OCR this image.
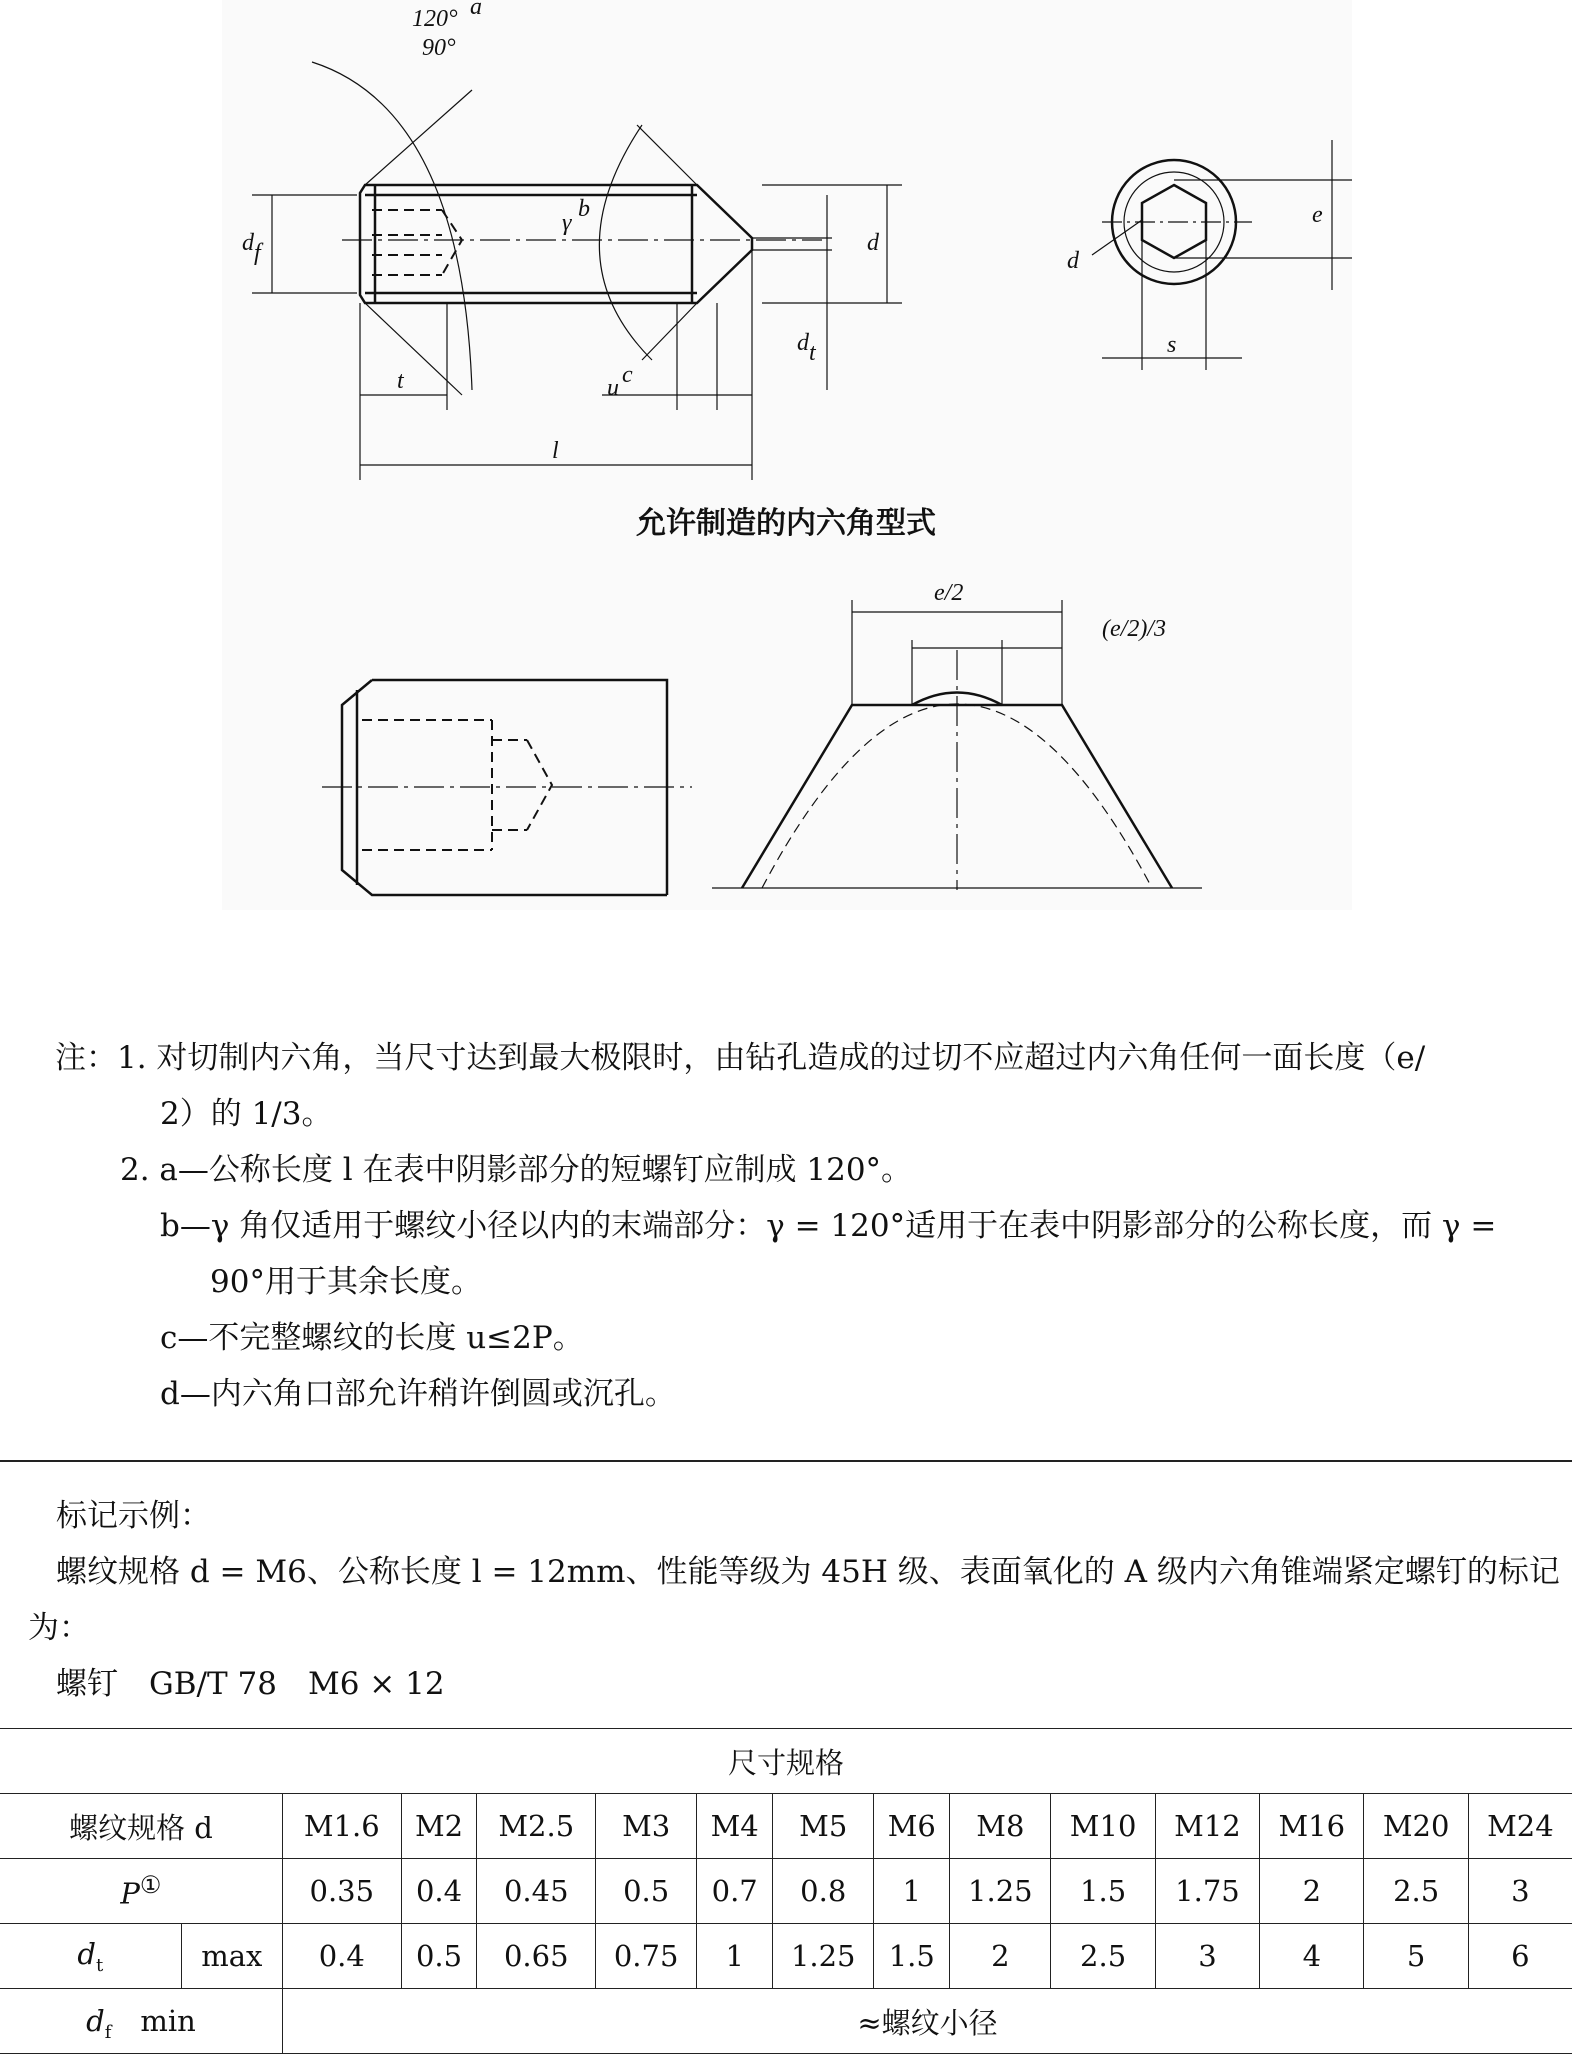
120° a
90°
γ
b
u c
d f	d
d t
t
l
e
s
d
e/2
(e/2)/3
允许制造的内六角型式
注：1. 对切制内六角，当尺寸达到最大极限时，由钻孔造成的过切不应超过内六角任何一面长度（e/
2）的 1/3。
2. a—公称长度 l 在表中阴影部分的短螺钉应制成 120°。
b—γ 角仅适用于螺纹小径以内的末端部分：γ = 120°适用于在表中阴影部分的公称长度，而 γ =
90°用于其余长度。
c—不完整螺纹的长度 u≤2P。
d—内六角口部允许稍许倒圆或沉孔。
标记示例：
螺纹规格 d = M6、公称长度 l = 12mm、性能等级为 45H 级、表面氧化的 A 级内六角锥端紧定螺钉的标记
为：
螺钉　GB/T 78　M6 × 12
尺寸规格														
螺纹规格 d		M1.6	M2	M2.5	M3	M4	M5	M6	M8	M10	M12	M16	M20	M24
P①		0.35	0.4	0.45	0.5	0.7	0.8	1	1.25	1.5	1.75	2	2.5	3
$d_t$	max	0.4	0.5	0.65	0.75	1	1.25	1.5	2	2.5	3	4	5	6
$d_f$　 min		≈螺纹小径												
